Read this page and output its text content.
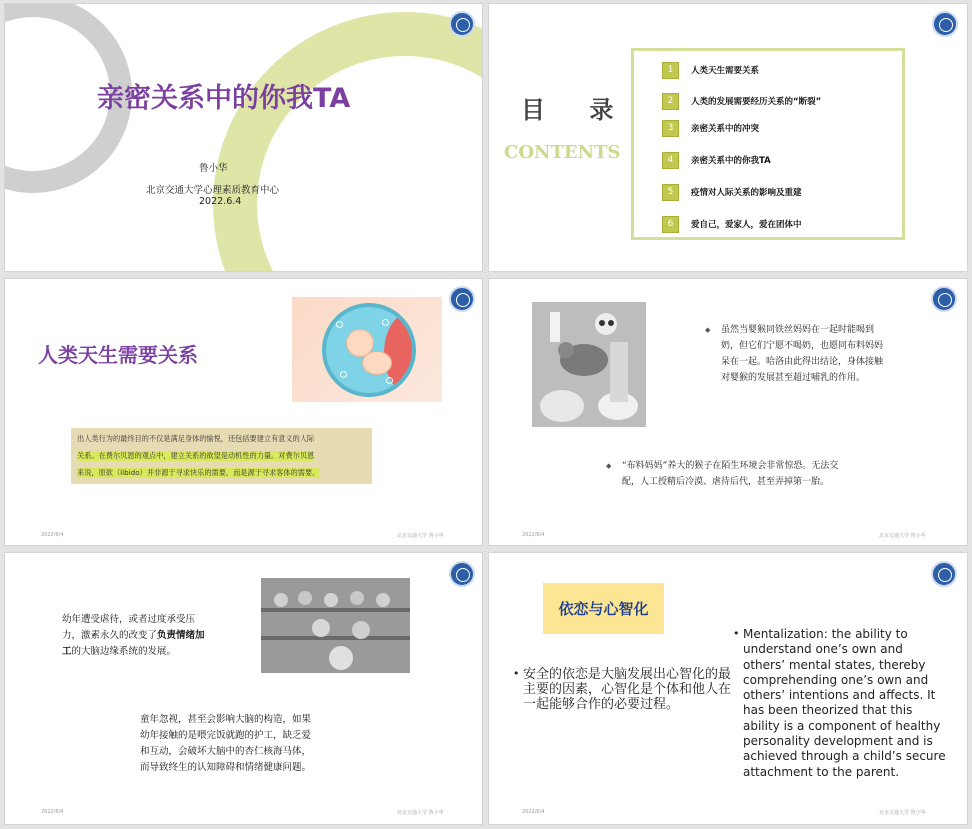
亲密关系中的你我TA
鲁小华
北京交通大学心理素质教育中心
2022.6.4
目 录
CONTENTS
1	人类天生需要关系
2	人类的发展需要经历关系的“断裂”
3	亲密关系中的冲突
4	亲密关系中的你我TA
5	疫情对人际关系的影响及重建
6	爱自己，爱家人，爱在团体中
人类天生需要关系
出人类行为的最终目的不仅是满足身体的愉悦，还包括要建立有意义的人际
关系。在费尔贝恩的观点中，建立关系的欲望是动机性的力量。对费尔贝恩
来说，原欲（libido）并非源于寻求快乐的需要，而是源于寻求客体的需要。
2022/6/4	北京交通大学 鲁小华
◆ 虽然当婴猴同铁丝妈妈在一起时能喝到奶，但它们宁愿不喝奶，也愿同布料妈妈呆在一起。哈洛由此得出结论，身体接触对婴猴的发展甚至超过哺乳的作用。
◆ “布料妈妈”养大的猴子在陌生环境会非常惊恐。无法交配，人工授精后冷漠、虐待后代，甚至弄掉第一胎。
2022/6/4	北京交通大学 鲁小华
幼年遭受虐待，或者过度承受压力，激素永久的改变了负责情绪加工的大脑边缘系统的发展。
童年忽视，甚至会影响大脑的构造，如果幼年接触的是喂完饭就跑的护工，缺乏爱和互动，会破坏大脑中的杏仁核海马体，而导致终生的认知障碍和情绪健康问题。
2022/6/4	北京交通大学 鲁小华
依恋与心智化
• 安全的依恋是大脑发展出心智化的最主要的因素，心智化是个体和他人在一起能够合作的必要过程。
• Mentalization: the ability to understand one’s own and others’ mental states, thereby comprehending one’s own and others’ intentions and affects. It has been theorized that this ability is a component of healthy personality development and is achieved through a child’s secure attachment to the parent.
2022/6/4	北京交通大学 鲁小华
